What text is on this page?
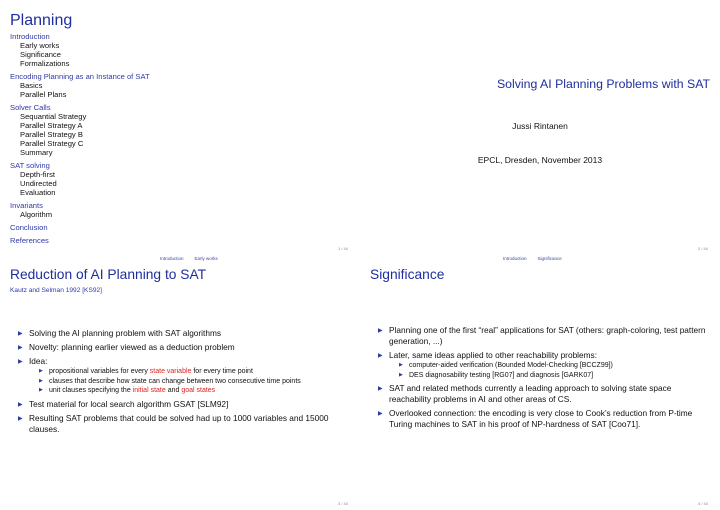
Planning
Introduction
Early works
Significance
Formalizations
Encoding Planning as an Instance of SAT
Basics
Parallel Plans
Solver Calls
Sequantial Strategy
Parallel Strategy A
Parallel Strategy B
Parallel Strategy C
Summary
SAT solving
Depth-first
Undirected
Evaluation
Invariants
Algorithm
Conclusion
References
1 / 44
Solving AI Planning Problems with SAT
Jussi Rintanen
EPCL, Dresden, November 2013
2 / 44
Introduction Early works
Reduction of AI Planning to SAT
Kautz and Selman 1992 [KS92]
▶ Solving the AI planning problem with SAT algorithms
▶ Novelty: planning earlier viewed as a deduction problem
▶ Idea:
▶ propositional variables for every state variable for every time point
▶ clauses that describe how state can change between two consecutive time points
▶ unit clauses specifying the initial state and goal states
▶ Test material for local search algorithm GSAT [SLM92]
▶ Resulting SAT problems that could be solved had up to 1000 variables and 15000 clauses.
3 / 44
Introduction Significance
Significance
▶ Planning one of the first “real” applications for SAT (others: graph-coloring, test pattern generation, ...)
▶ Later, same ideas applied to other reachability problems:
▶ computer-aided verification (Bounded Model-Checking [BCCZ99])
▶ DES diagnosability testing [RG07] and diagnosis [GARK07]
▶ SAT and related methods currently a leading approach to solving state space reachability problems in AI and other areas of CS.
▶ Overlooked connection: the encoding is very close to Cook’s reduction from P-time Turing machines to SAT in his proof of NP-hardness of SAT [Coo71].
4 / 44
